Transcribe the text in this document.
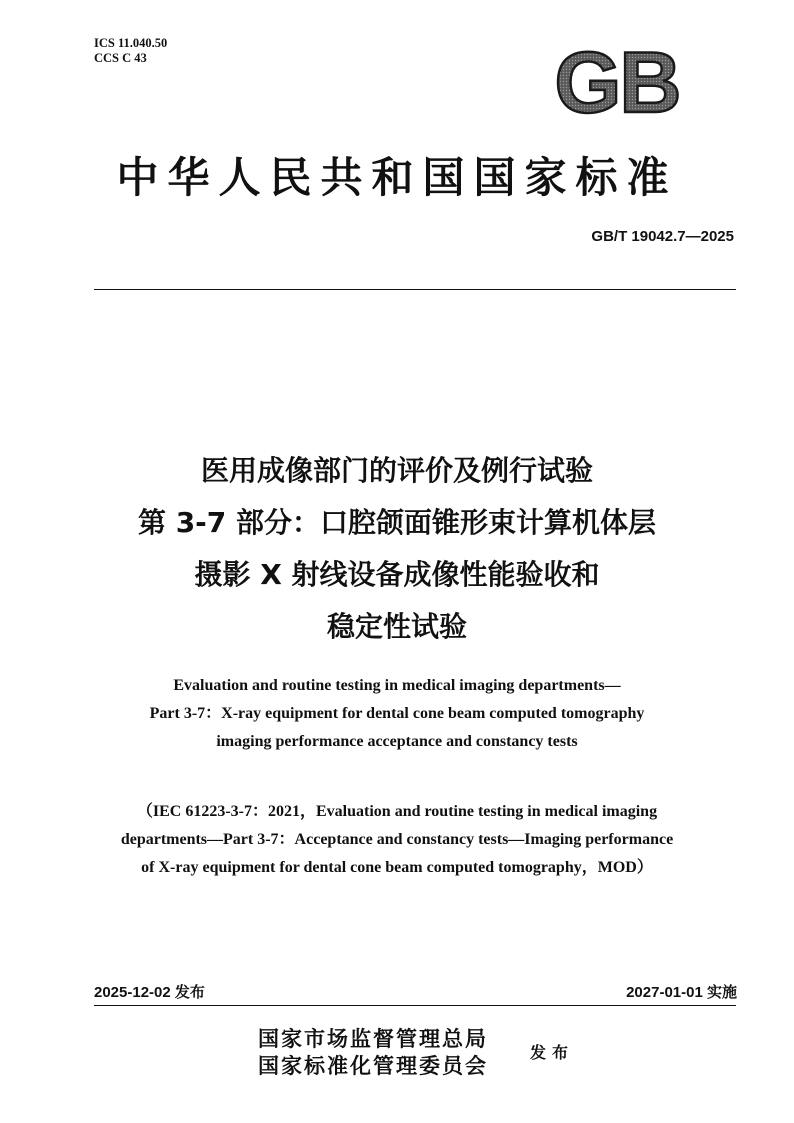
ICS 11.040.50
CCS C 43	GB
中华人民共和国国家标准
GB/T 19042.7—2025
医用成像部门的评价及例行试验
第 3-7 部分：口腔颌面锥形束计算机体层
摄影 X 射线设备成像性能验收和
稳定性试验
Evaluation and routine testing in medical imaging departments—
Part 3-7：X-ray equipment for dental cone beam computed tomography
imaging performance acceptance and constancy tests
（IEC 61223-3-7：2021，Evaluation and routine testing in medical imaging
departments—Part 3-7：Acceptance and constancy tests—Imaging performance
of X-ray equipment for dental cone beam computed tomography，MOD）
2025-12-02 发布	2027-01-01 实施
国家市场监督管理总局
国家标准化管理委员会
发布
